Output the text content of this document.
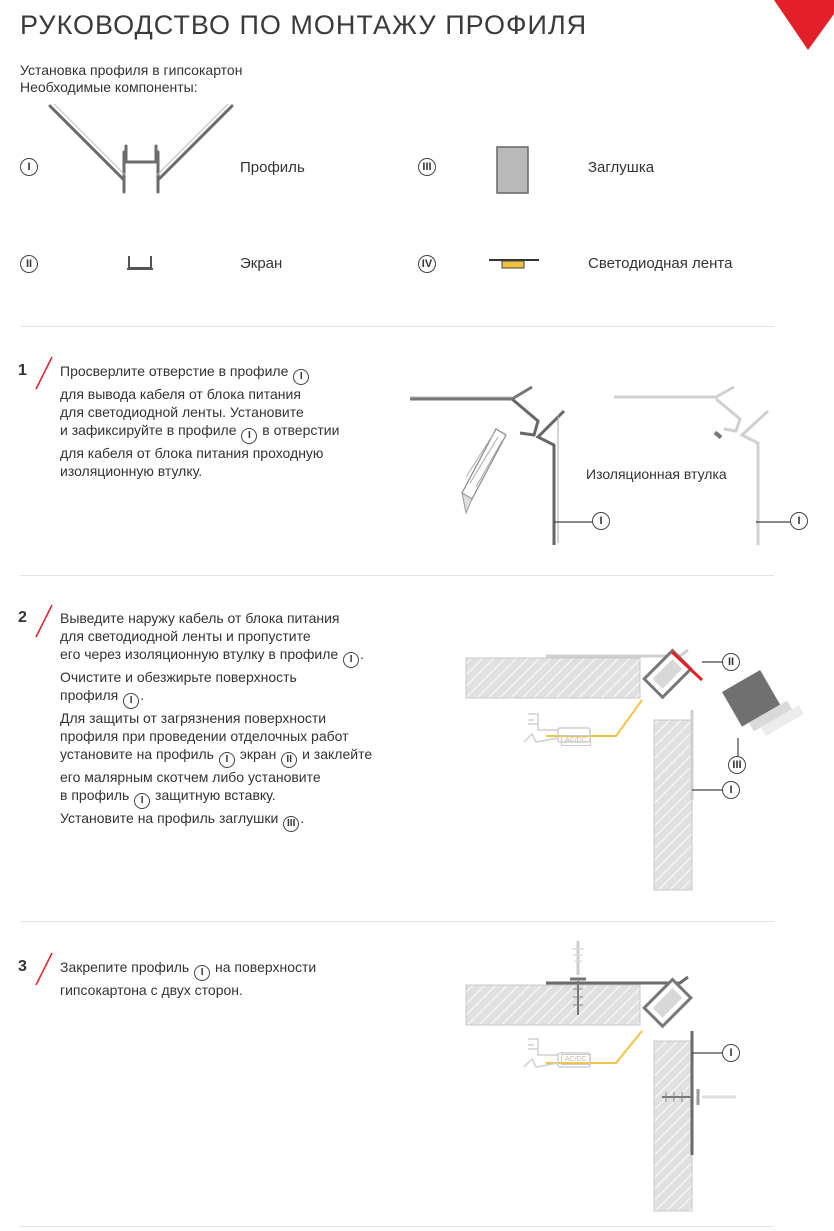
РУКОВОДСТВО ПО МОНТАЖУ ПРОФИЛЯ
Установка профиля в гипсокартон
Необходимые компоненты:
I	Профиль
II	Экран
III	Заглушка
IV	Светодиодная лента
1 Просверлите отверстие в профиле I
для вывода кабеля от блока питания
для светодиодной ленты. Установите
и зафиксируйте в профиле I в отверстии
для кабеля от блока питания проходную
изоляционную втулку.
I
Изоляционная втулка
I
2 Выведите наружу кабель от блока питания
для светодиодной ленты и пропустите
его через изоляционную втулку в профиле I .
Очистите и обезжирьте поверхность
профиля I .
Для защиты от загрязнения поверхности
профиля при проведении отделочных работ
установите на профиль I экран II и заклейте
его малярным скотчем либо установите
в профиль I защитную вставку.
Установите на профиль заглушки III .
II
III
I
AC/DC
3 Закрепите профиль I на поверхности
гипсокартона с двух сторон.
I
AC/DC
